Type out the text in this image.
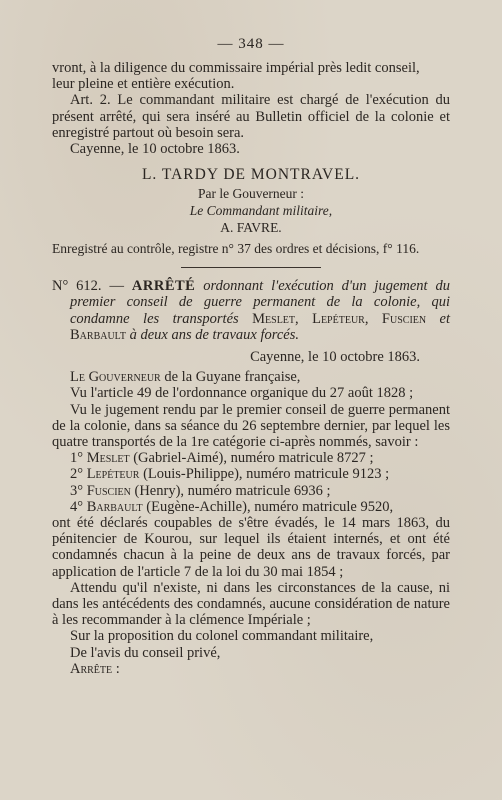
— 348 —

vront, à la diligence du commissaire impérial près ledit conseil,

leur pleine et entière exécution.

Art. 2. Le commandant militaire est chargé de l'exécution du présent arrêté, qui sera inséré au Bulletin officiel de la colonie et enregistré partout où besoin sera.

Cayenne, le 10 octobre 1863.

L. TARDY DE MONTRAVEL.
Par le Gouverneur :
Le Commandant militaire,
A. FAVRE.
Enregistré au contrôle, registre n° 37 des ordres et décisions, f° 116.

N° 612. — ARRÊTÉ ordonnant l'exécution d'un jugement du premier conseil de guerre permanent de la colonie, qui condamne les transportés Meslet, Lepéteur, Fuscien et Barbault à deux ans de travaux forcés.

Cayenne, le 10 octobre 1863.

Le Gouverneur de la Guyane française,

Vu l'article 49 de l'ordonnance organique du 27 août 1828 ;

Vu le jugement rendu par le premier conseil de guerre permanent de la colonie, dans sa séance du 26 septembre dernier, par lequel les quatre transportés de la 1re catégorie ci-après nommés, savoir :

1° Meslet (Gabriel-Aimé), numéro matricule 8727 ;

2° Lepéteur (Louis-Philippe), numéro matricule 9123 ;

3° Fuscien (Henry), numéro matricule 6936 ;

4° Barbault (Eugène-Achille), numéro matricule 9520,

ont été déclarés coupables de s'être évadés, le 14 mars 1863, du pénitencier de Kourou, sur lequel ils étaient internés, et ont été condamnés chacun à la peine de deux ans de travaux forcés, par application de l'article 7 de la loi du 30 mai 1854 ;

Attendu qu'il n'existe, ni dans les circonstances de la cause, ni dans les antécédents des condamnés, aucune considération de nature à les recommander à la clémence Impériale ;

Sur la proposition du colonel commandant militaire,

De l'avis du conseil privé,

Arrête :
